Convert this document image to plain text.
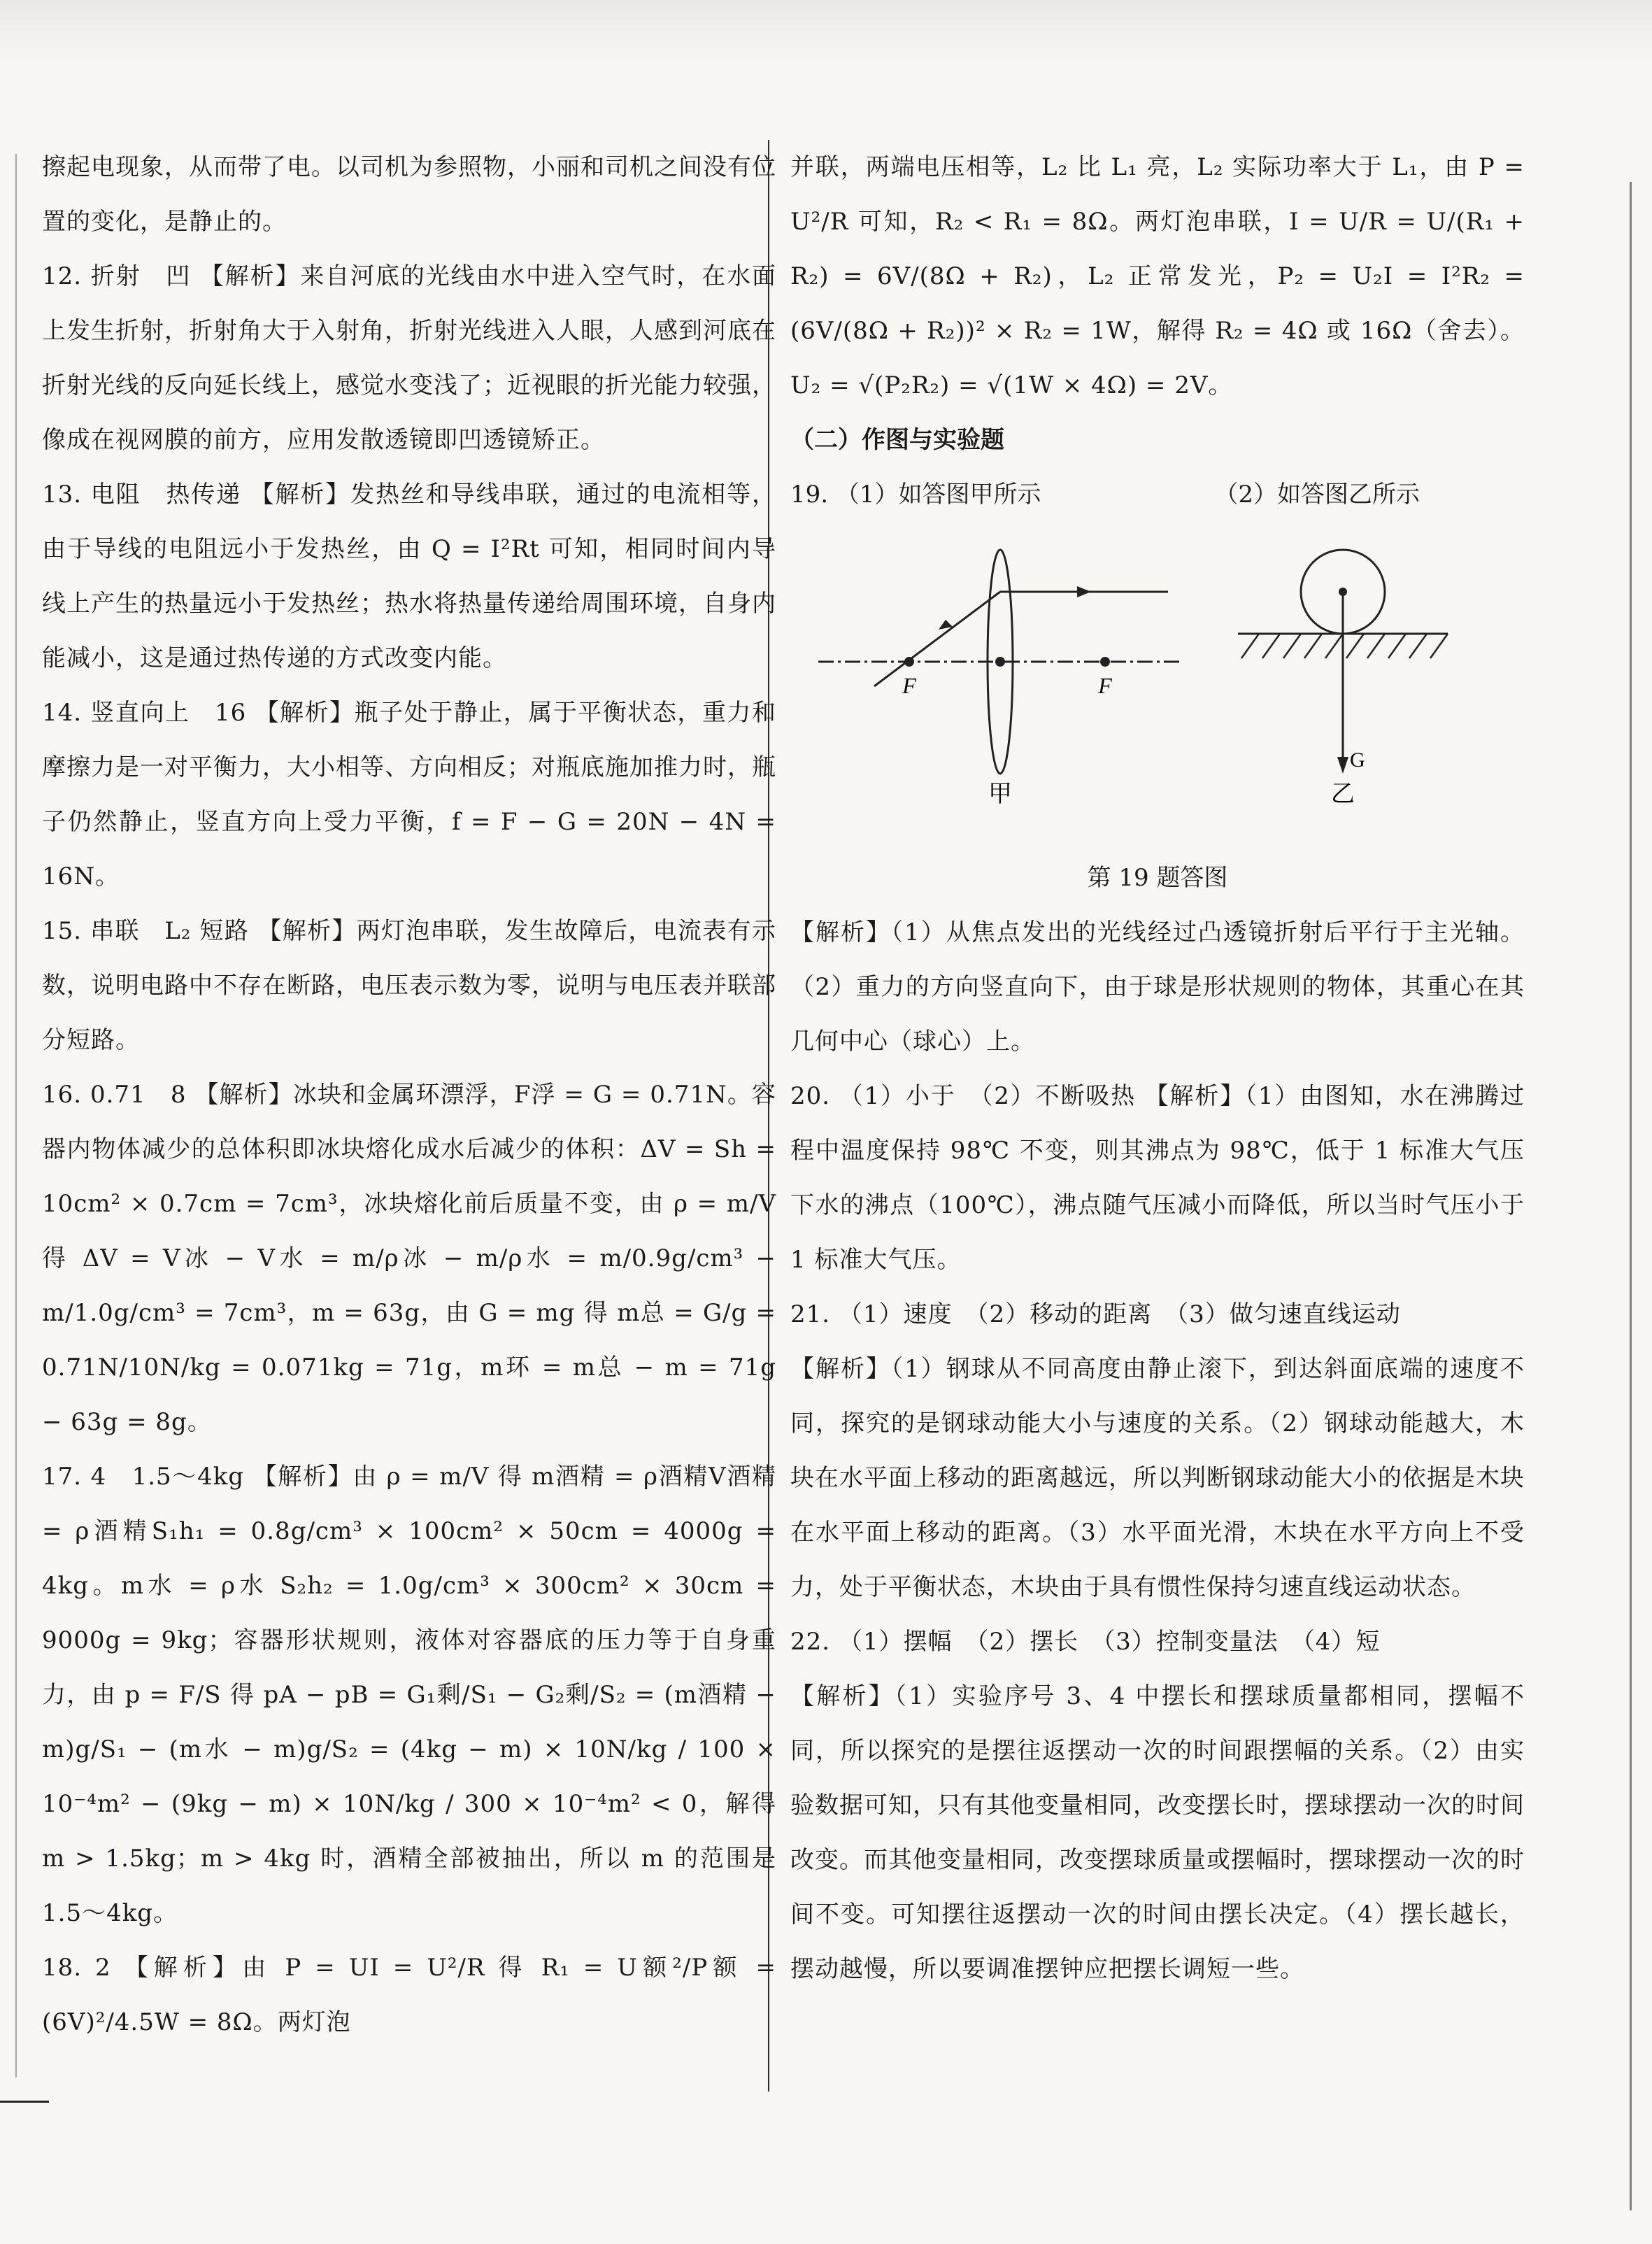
擦起电现象，从而带了电。以司机为参照物，小丽和司机之间没有位置的变化，是静止的。

12. 折射　凹 【解析】来自河底的光线由水中进入空气时，在水面上发生折射，折射角大于入射角，折射光线进入人眼，人感到河底在折射光线的反向延长线上，感觉水变浅了；近视眼的折光能力较强，像成在视网膜的前方，应用发散透镜即凹透镜矫正。

13. 电阻　热传递 【解析】发热丝和导线串联，通过的电流相等，由于导线的电阻远小于发热丝，由 Q = I²Rt 可知，相同时间内导线上产生的热量远小于发热丝；热水将热量传递给周围环境，自身内能减小，这是通过热传递的方式改变内能。

14. 竖直向上　16 【解析】瓶子处于静止，属于平衡状态，重力和摩擦力是一对平衡力，大小相等、方向相反；对瓶底施加推力时，瓶子仍然静止，竖直方向上受力平衡，f = F − G = 20N − 4N = 16N。

15. 串联　L₂ 短路 【解析】两灯泡串联，发生故障后，电流表有示数，说明电路中不存在断路，电压表示数为零，说明与电压表并联部分短路。

16. 0.71　8 【解析】冰块和金属环漂浮，F浮 = G = 0.71N。容器内物体减少的总体积即冰块熔化成水后减少的体积：ΔV = Sh = 10cm² × 0.7cm = 7cm³，冰块熔化前后质量不变，由 ρ = m/V 得 ΔV = V冰 − V水 = m/ρ冰 − m/ρ水 = m/0.9g/cm³ − m/1.0g/cm³ = 7cm³，m = 63g，由 G = mg 得 m总 = G/g = 0.71N/10N/kg = 0.071kg = 71g，m环 = m总 − m = 71g − 63g = 8g。

17. 4　1.5～4kg 【解析】由 ρ = m/V 得 m酒精 = ρ酒精V酒精 = ρ酒精S₁h₁ = 0.8g/cm³ × 100cm² × 50cm = 4000g = 4kg。m水 = ρ水 S₂h₂ = 1.0g/cm³ × 300cm² × 30cm = 9000g = 9kg；容器形状规则，液体对容器底的压力等于自身重力，由 p = F/S 得 pA − pB = G₁剩/S₁ − G₂剩/S₂ = (m酒精 − m)g/S₁ − (m水 − m)g/S₂ = (4kg − m) × 10N/kg / 100 × 10⁻⁴m² − (9kg − m) × 10N/kg / 300 × 10⁻⁴m² < 0，解得 m > 1.5kg；m > 4kg 时，酒精全部被抽出，所以 m 的范围是 1.5～4kg。

18. 2 【解析】由 P = UI = U²/R 得 R₁ = U额²/P额 = (6V)²/4.5W = 8Ω。两灯泡

并联，两端电压相等，L₂ 比 L₁ 亮，L₂ 实际功率大于 L₁，由 P = U²/R 可知，R₂ < R₁ = 8Ω。两灯泡串联，I = U/R = U/(R₁ + R₂) = 6V/(8Ω + R₂)，L₂ 正常发光，P₂ = U₂I = I²R₂ = (6V/(8Ω + R₂))² × R₂ = 1W，解得 R₂ = 4Ω 或 16Ω（舍去）。U₂ = √(P₂R₂) = √(1W × 4Ω) = 2V。

（二）作图与实验题
19. （1）如答图甲所示	（2）如答图乙所示
F	F
甲
G
乙

第 19 题答图

【解析】（1）从焦点发出的光线经过凸透镜折射后平行于主光轴。（2）重力的方向竖直向下，由于球是形状规则的物体，其重心在其几何中心（球心）上。

20. （1）小于　（2）不断吸热 【解析】（1）由图知，水在沸腾过程中温度保持 98℃ 不变，则其沸点为 98℃，低于 1 标准大气压下水的沸点（100℃），沸点随气压减小而降低，所以当时气压小于 1 标准大气压。

21. （1）速度　（2）移动的距离　（3）做匀速直线运动

【解析】（1）钢球从不同高度由静止滚下，到达斜面底端的速度不同，探究的是钢球动能大小与速度的关系。（2）钢球动能越大，木块在水平面上移动的距离越远，所以判断钢球动能大小的依据是木块在水平面上移动的距离。（3）水平面光滑，木块在水平方向上不受力，处于平衡状态，木块由于具有惯性保持匀速直线运动状态。

22. （1）摆幅　（2）摆长　（3）控制变量法　（4）短

【解析】（1）实验序号 3、4 中摆长和摆球质量都相同，摆幅不同，所以探究的是摆往返摆动一次的时间跟摆幅的关系。（2）由实验数据可知，只有其他变量相同，改变摆长时，摆球摆动一次的时间改变。而其他变量相同，改变摆球质量或摆幅时，摆球摆动一次的时间不变。可知摆往返摆动一次的时间由摆长决定。（4）摆长越长，摆动越慢，所以要调准摆钟应把摆长调短一些。
